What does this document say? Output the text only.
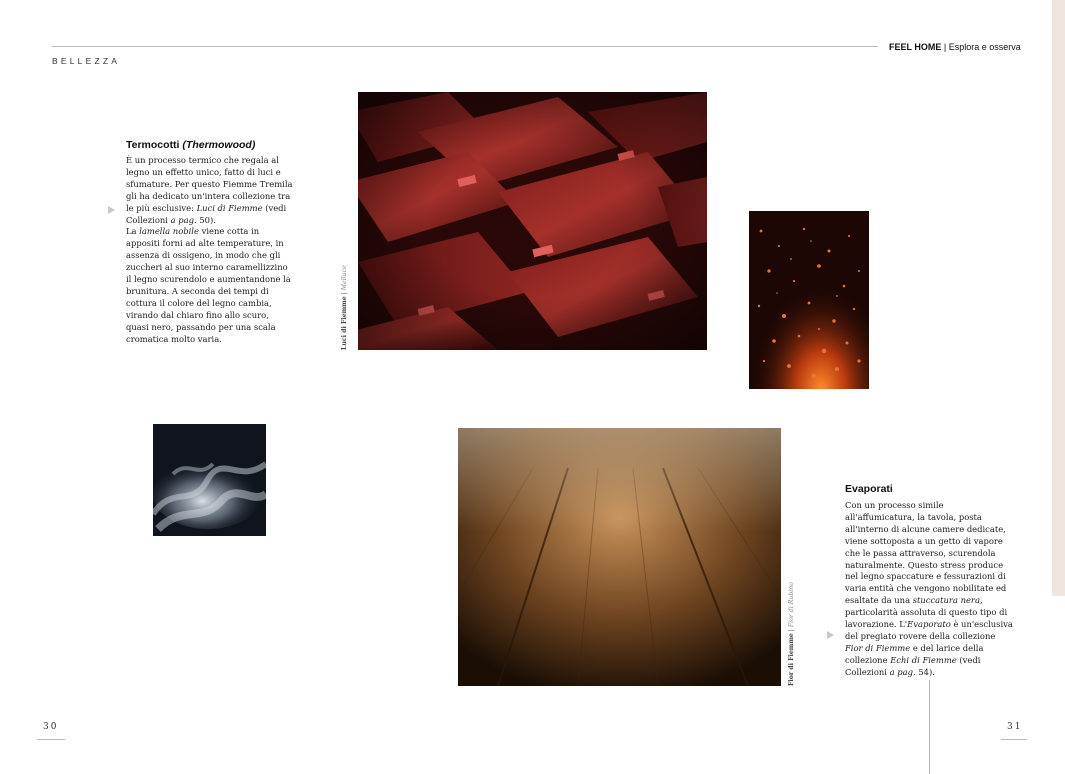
BELLEZZA
FEEL HOME | Esplora e osserva
Termocotti (Thermowood)
È un processo termico che regala al legno un effetto unico, fatto di luci e sfumature. Per questo Fiemme Tremila gli ha dedicato un'intera collezione tra le più esclusive: Luci di Fiemme (vedi Collezioni a pag. 50).
La lamella nobile viene cotta in appositi forni ad alte temperature, in assenza di ossigeno, in modo che gli zuccheri al suo interno caramellizzino il legno scurendolo e aumentandone la brunitura. A seconda dei tempi di cottura il colore del legno cambia, virando dal chiaro fino allo scuro, quasi nero, passando per una scala cromatica molto varia.	Luci di Fiemme | Melluce
Fior di Fiemme | Fior di Rubino
Evaporati
Con un processo simile all'affumicatura, la tavola, posta all'interno di alcune camere dedicate, viene sottoposta a un getto di vapore che le passa attraverso, scurendola naturalmente. Questo stress produce nel legno spaccature e fessurazioni di varia entità che vengono nobilitate ed esaltate da una stuccatura nera, particolarità assoluta di questo tipo di lavorazione. L'Evaporato è un'esclusiva del pregiato rovere della collezione Fior di Fiemme e del larice della collezione Echi di Fiemme (vedi Collezioni a pag. 54).
30	31
